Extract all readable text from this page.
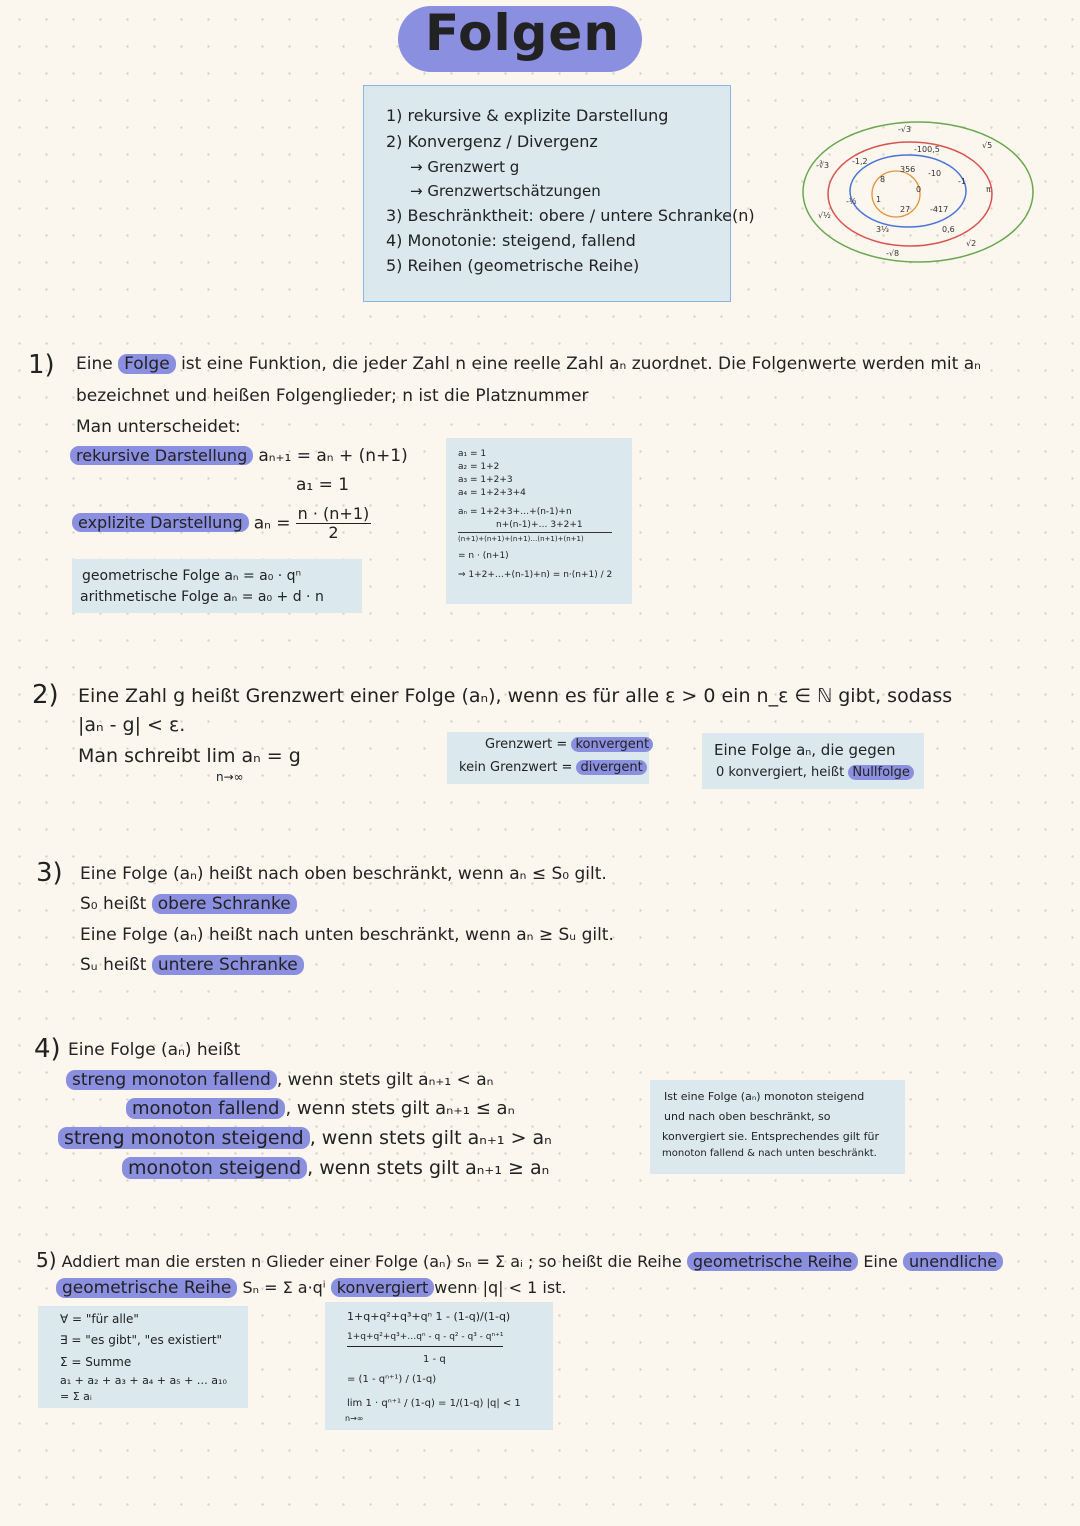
Folgen
1) rekursive & explizite Darstellung
2) Konvergenz / Divergenz
→ Grenzwert g
→ Grenzwertschätzungen
3) Beschränktheit: obere / untere Schranke(n)
4) Monotonie: steigend, fallend
5) Reihen (geometrische Reihe)
-√3
√5
√2
-√8
-∛3
√½
3⅓
π
-1,2
0,6
-100,5
-½
-417
8
356
1
27
-10
0
-1
1) Eine Folge ist eine Funktion, die jeder Zahl n eine reelle Zahl aₙ zuordnet. Die Folgenwerte werden mit aₙ
bezeichnet und heißen Folgenglieder; n ist die Platznummer
Man unterscheidet:
rekursive Darstellung aₙ₊₁ = aₙ + (n+1)
a₁ = 1
explizite Darstellung $a_n = \frac{n \cdot (n+1)}{2}$
geometrische Folge aₙ = a₀ · qⁿ
arithmetische Folge aₙ = a₀ + d · n
a₁ = 1
a₂ = 1+2
a₃ = 1+2+3
a₄ = 1+2+3+4
aₙ = 1+2+3+…+(n-1)+n
n+(n-1)+… 3+2+1
(n+1)+(n+1)+(n+1)…(n+1)+(n+1)
= n · (n+1)
⇒ 1+2+…+(n-1)+n) = n·(n+1) / 2
2) Eine Zahl g heißt Grenzwert einer Folge (aₙ), wenn es für alle ε > 0 ein n_ε ∈ ℕ gibt, sodass
|aₙ - g| < ε.
Man schreibt lim aₙ = g
n→∞
Grenzwert = konvergent
kein Grenzwert = divergent
Eine Folge aₙ, die gegen
0 konvergiert, heißt Nullfolge
3) Eine Folge (aₙ) heißt nach oben beschränkt, wenn aₙ ≤ S₀ gilt.
S₀ heißt obere Schranke
Eine Folge (aₙ) heißt nach unten beschränkt, wenn aₙ ≥ Sᵤ gilt.
Sᵤ heißt untere Schranke
4) Eine Folge (aₙ) heißt
streng monoton fallend , wenn stets gilt aₙ₊₁ < aₙ
monoton fallend , wenn stets gilt aₙ₊₁ ≤ aₙ
streng monoton steigend , wenn stets gilt aₙ₊₁ > aₙ
monoton steigend , wenn stets gilt aₙ₊₁ ≥ aₙ
Ist eine Folge (aₙ) monoton steigend
und nach oben beschränkt, so
konvergiert sie. Entsprechendes gilt für
monoton fallend & nach unten beschränkt.
5) Addiert man die ersten n Glieder einer Folge (aₙ) sₙ = Σ aᵢ ; so heißt die Reihe geometrische Reihe Eine unendliche
geometrische Reihe Sₙ = Σ a·qⁱ konvergiert wenn |q| < 1 ist.
∀ = "für alle"
∃ = "es gibt", "es existiert"
Σ = Summe
a₁ + a₂ + a₃ + a₄ + a₅ + … a₁₀
= Σ aᵢ
1+q+q²+q³+qⁿ 1 - (1-q)/(1-q)
1+q+q²+q³+…qⁿ - q - q² - q³ - qⁿ⁺¹
1 - q
= (1 - qⁿ⁺¹) / (1-q)
lim 1 · qⁿ⁺¹ / (1-q) = 1/(1-q) |q| < 1
n→∞
